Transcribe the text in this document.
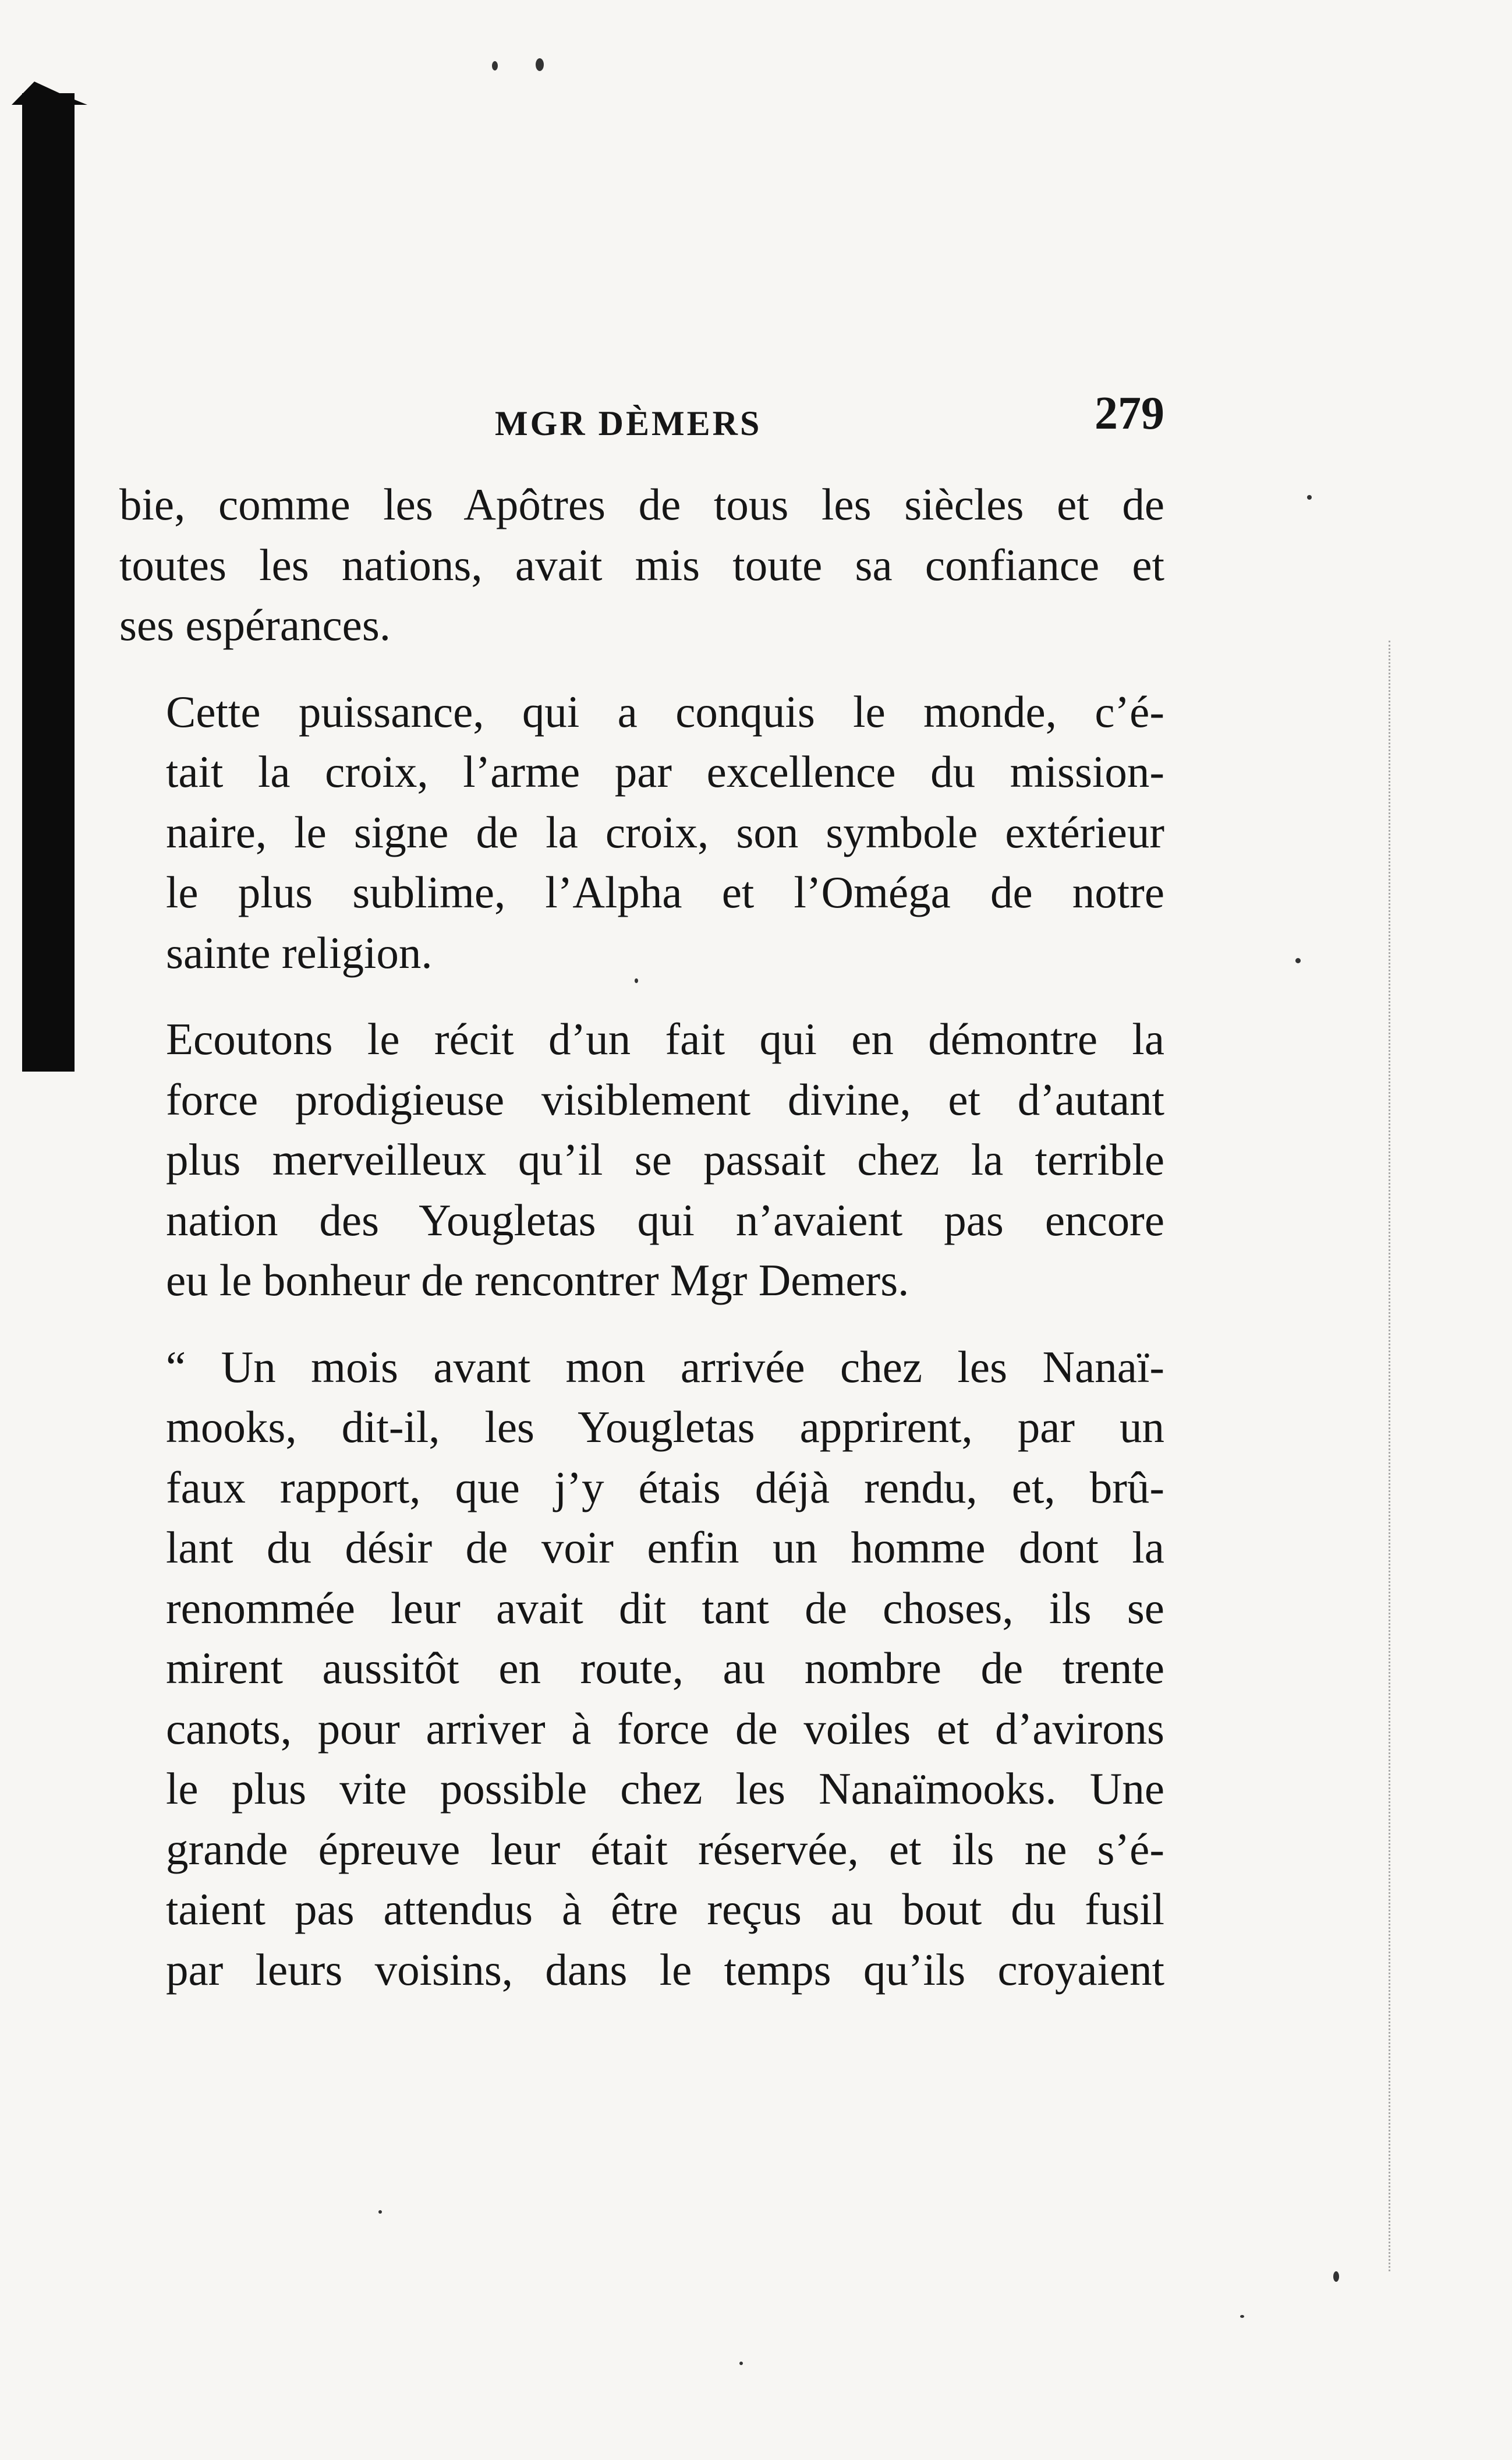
MGR DÈMERS	279

bie, comme les Apôtres de tous les siècles et de
toutes les nations, avait mis toute sa confiance et
ses espérances.

Cette puissance, qui a conquis le monde, c’é-
tait la croix, l’arme par excellence du mission-
naire, le signe de la croix, son symbole extérieur
le plus sublime, l’Alpha et l’Oméga de notre
sainte religion.

Ecoutons le récit d’un fait qui en démontre la
force prodigieuse visiblement divine, et d’autant
plus merveilleux qu’il se passait chez la terrible
nation des Yougletas qui n’avaient pas encore
eu le bonheur de rencontrer Mgr Demers.

“ Un mois avant mon arrivée chez les Nanaï-
mooks, dit-il, les Yougletas apprirent, par un
faux rapport, que j’y étais déjà rendu, et, brû-
lant du désir de voir enfin un homme dont la
renommée leur avait dit tant de choses, ils se
mirent aussitôt en route, au nombre de trente
canots, pour arriver à force de voiles et d’avirons
le plus vite possible chez les Nanaïmooks. Une
grande épreuve leur était réservée, et ils ne s’é-
taient pas attendus à être reçus au bout du fusil
par leurs voisins, dans le temps qu’ils croyaient
